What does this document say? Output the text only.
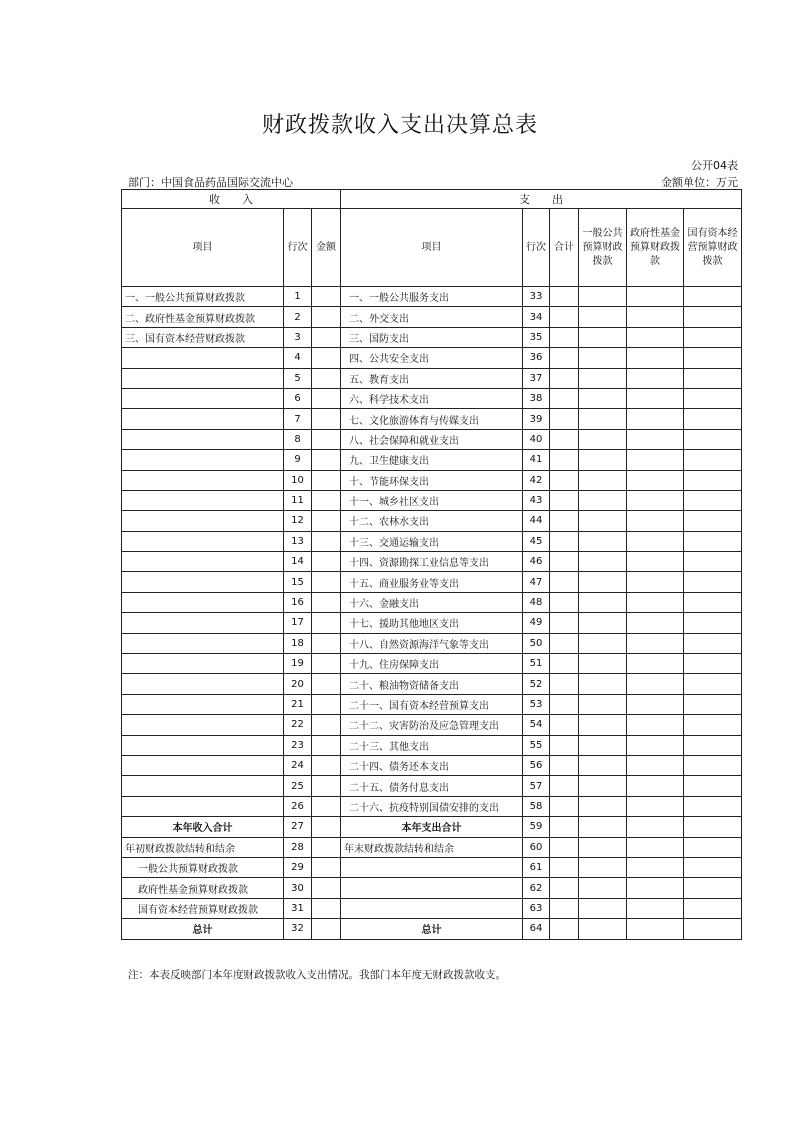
财政拨款收入支出决算总表
公开04表
部门：中国食品药品国际交流中心	金额单位：万元
收　　入			支　　出					
项目	行次	金额	项目	行次	合计	一般公共预算财政拨款	政府性基金预算财政拨款	国有资本经营预算财政拨款
一、一般公共预算财政拨款	1		一、一般公共服务支出	33				
二、政府性基金预算财政拨款	2		二、外交支出	34				
三、国有资本经营财政拨款	3		三、国防支出	35				
	4		四、公共安全支出	36				
	5		五、教育支出	37				
	6		六、科学技术支出	38				
	7		七、文化旅游体育与传媒支出	39				
	8		八、社会保障和就业支出	40				
	9		九、卫生健康支出	41				
	10		十、节能环保支出	42				
	11		十一、城乡社区支出	43				
	12		十二、农林水支出	44				
	13		十三、交通运输支出	45				
	14		十四、资源勘探工业信息等支出	46				
	15		十五、商业服务业等支出	47				
	16		十六、金融支出	48				
	17		十七、援助其他地区支出	49				
	18		十八、自然资源海洋气象等支出	50				
	19		十九、住房保障支出	51				
	20		二十、粮油物资储备支出	52				
	21		二十一、国有资本经营预算支出	53				
	22		二十二、灾害防治及应急管理支出	54				
	23		二十三、其他支出	55				
	24		二十四、债务还本支出	56				
	25		二十五、债务付息支出	57				
	26		二十六、抗疫特别国债安排的支出	58				
本年收入合计	27		本年支出合计	59				
年初财政拨款结转和结余	28		年末财政拨款结转和结余	60				
一般公共预算财政拨款	29			61				
政府性基金预算财政拨款	30			62				
国有资本经营预算财政拨款	31			63				
总计	32		总计	64				
注：本表反映部门本年度财政拨款收入支出情况。我部门本年度无财政拨款收支。
